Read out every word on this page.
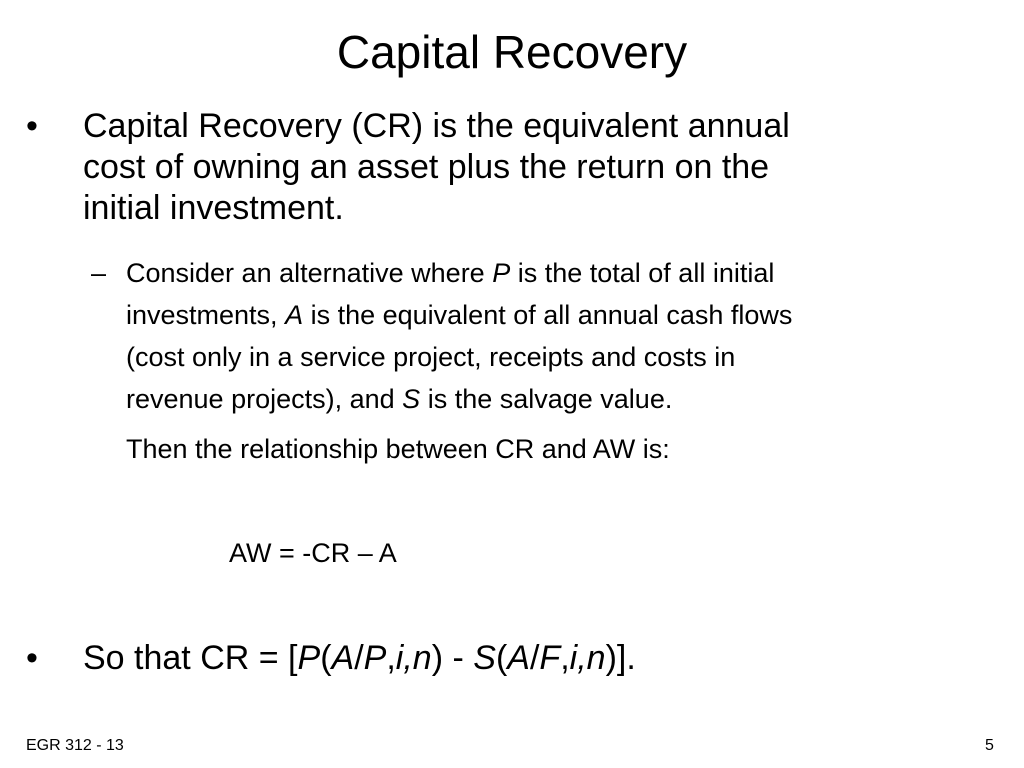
Capital Recovery
• Capital Recovery (CR) is the equivalent annual
cost of owning an asset plus the return on the
initial investment.
– Consider an alternative where P is the total of all initial
investments, A is the equivalent of all annual cash flows
(cost only in a service project, receipts and costs in
revenue projects), and S is the salvage value.
Then the relationship between CR and AW is:
AW = -CR – A
• So that CR = [P(A/P,i,n) - S(A/F,i,n)].
EGR 312 - 13	5
